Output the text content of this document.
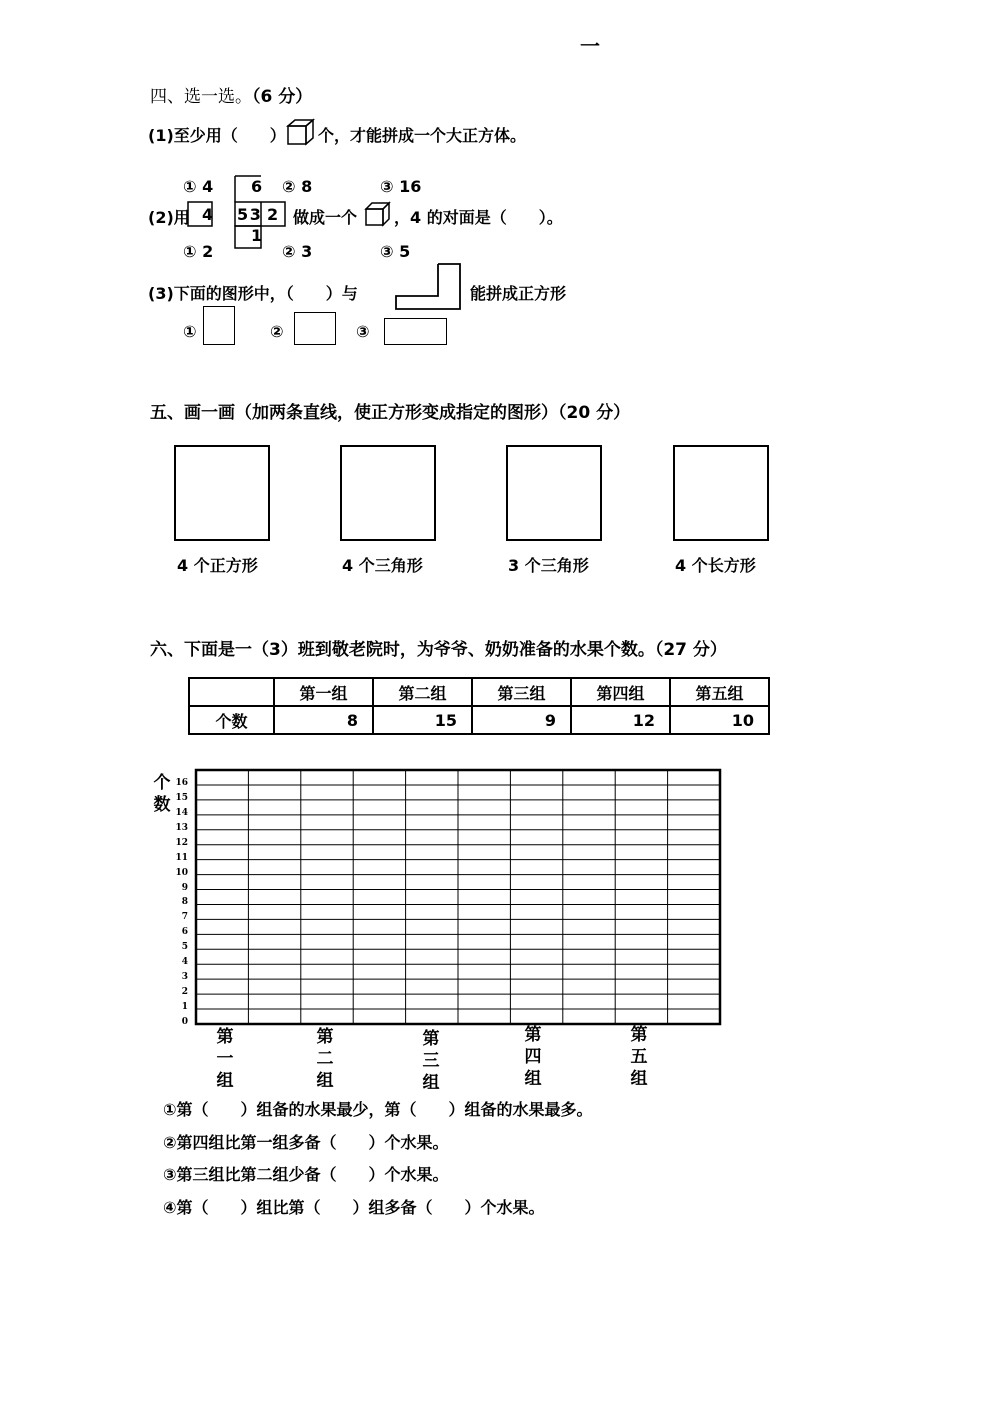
一
四、选一选。（6 分）
(1)至少用（　　） 个，才能拼成一个大正方体。
① 4	② 8	③ 16
(2)用
6
4 5 3 2
1
做成一个 ，4 的对面是（　　）。
① 2	② 3	③ 5
(3)下面的图形中，（　　）与	能拼成正方形
①	②	③
五、画一画（加两条直线，使正方形变成指定的图形）（20 分）
4 个正方形	4 个三角形	3 个三角形	4 个长方形
六、下面是一（3）班到敬老院时，为爷爷、奶奶准备的水果个数。（27 分）
	第一组	第二组	第三组	第四组	第五组
个数	8	15	9	12	10
个数
16
15
14
13
12
11
10
9
8
7
6
5
4
3
2
1
0
第
一
组
第
二
组
第
三
组
第
四
组
第
五
组
①第（　　）组备的水果最少，第（　　）组备的水果最多。
②第四组比第一组多备（　　）个水果。
③第三组比第二组少备（　　）个水果。
④第（　　）组比第（　　）组多备（　　）个水果。
